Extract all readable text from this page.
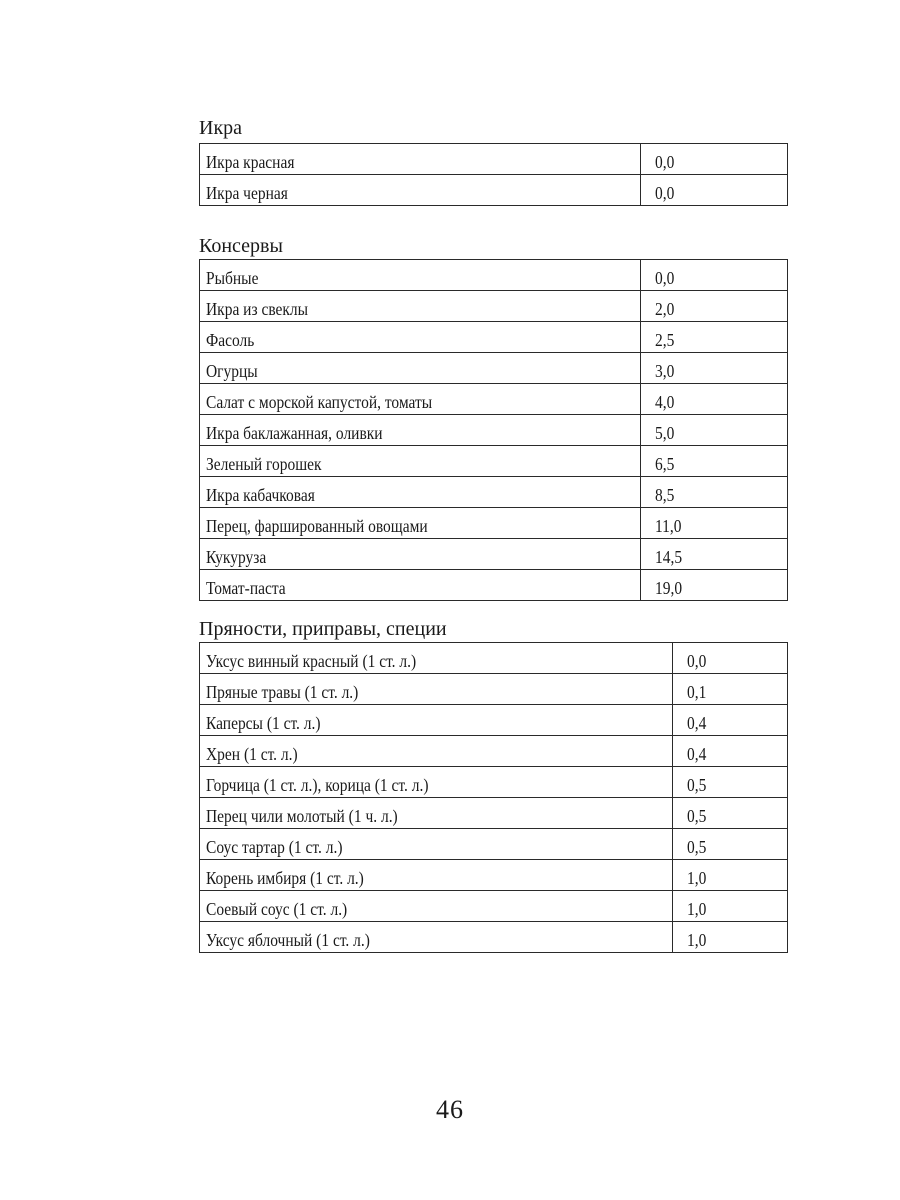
Икра
Икра красная	0,0
Икра черная	0,0
Консервы
Рыбные	0,0
Икра из свеклы	2,0
Фасоль	2,5
Огурцы	3,0
Салат с морской капустой, томаты	4,0
Икра баклажанная, оливки	5,0
Зеленый горошек	6,5
Икра кабачковая	8,5
Перец, фаршированный овощами	11,0
Кукуруза	14,5
Томат-паста	19,0
Пряности, приправы, специи
Уксус винный красный (1 ст. л.)	0,0
Пряные травы (1 ст. л.)	0,1
Каперсы (1 ст. л.)	0,4
Хрен (1 ст. л.)	0,4
Горчица (1 ст. л.), корица (1 ст. л.)	0,5
Перец чили молотый (1 ч. л.)	0,5
Соус тартар (1 ст. л.)	0,5
Корень имбиря (1 ст. л.)	1,0
Соевый соус (1 ст. л.)	1,0
Уксус яблочный (1 ст. л.)	1,0
46
